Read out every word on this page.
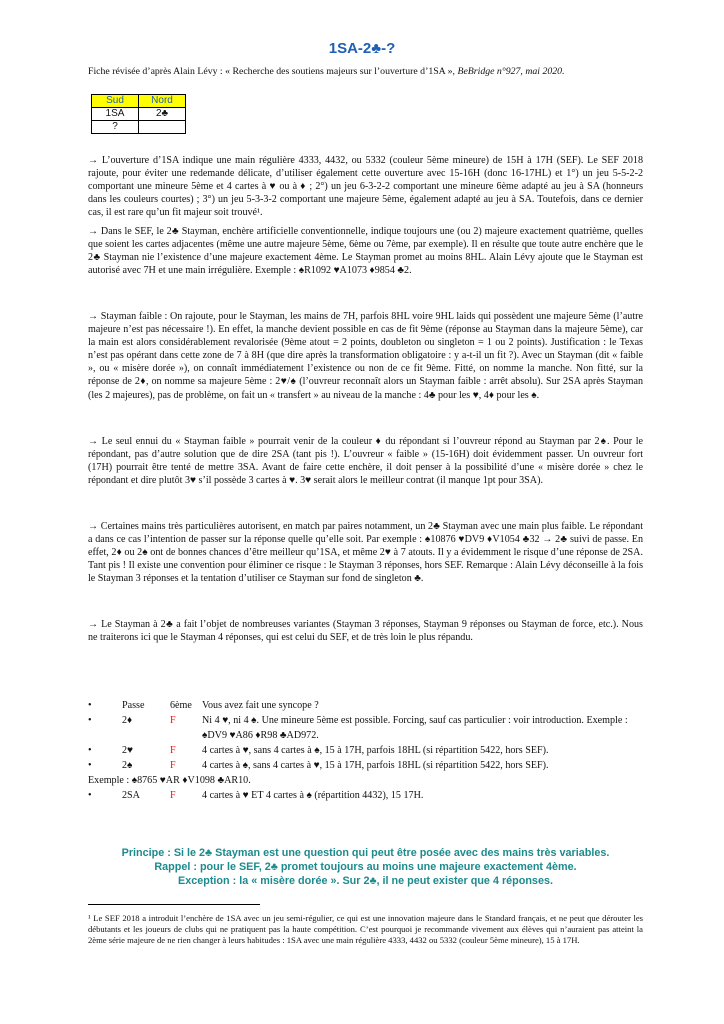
1SA-2♣-?
Fiche révisée d’après Alain Lévy : « Recherche des soutiens majeurs sur l’ouverture d’1SA », BeBridge n°927, mai 2020.
Sud	Nord
1SA	2♣
?	

→ L’ouverture d’1SA indique une main régulière 4333, 4432, ou 5332 (couleur 5ème mineure) de 15H à 17H (SEF). Le SEF 2018 rajoute, pour éviter une redemande délicate, d’utiliser également cette ouverture avec 15-16H (donc 16-17HL) et 1°) un jeu 5-5-2-2 comportant une mineure 5ème et 4 cartes à ♥ ou à ♦ ; 2°) un jeu 6-3-2-2 comportant une mineure 6ème adapté au jeu à SA (honneurs dans les couleurs courtes) ; 3°) un jeu 5-3-3-2 comportant une majeure 5ème, également adapté au jeu à SA. Toutefois, dans ce dernier cas, il est rare qu’un fit majeur soit trouvé¹.

→ Dans le SEF, le 2♣ Stayman, enchère artificielle conventionnelle, indique toujours une (ou 2) majeure exactement quatrième, quelles que soient les cartes adjacentes (même une autre majeure 5ème, 6ème ou 7ème, par exemple). Il en résulte que toute autre enchère que le 2♣ Stayman nie l’existence d’une majeure exactement 4ème. Le Stayman promet au moins 8HL. Alain Lévy ajoute que le Stayman est autorisé avec 7H et une main irrégulière. Exemple : ♠R1092 ♥A1073 ♦9854 ♣2.

→ Stayman faible : On rajoute, pour le Stayman, les mains de 7H, parfois 8HL voire 9HL laids qui possèdent une majeure 5ème (l’autre majeure n’est pas nécessaire !). En effet, la manche devient possible en cas de fit 9ème (réponse au Stayman dans la majeure 5ème), car la main est alors considérablement revalorisée (9ème atout = 2 points, doubleton ou singleton = 1 ou 2 points). Justification : le Texas n’est pas opérant dans cette zone de 7 à 8H (que dire après la transformation obligatoire : y a-t-il un fit ?). Avec un Stayman (dit « faible », ou « misère dorée »), on connaît immédiatement l’existence ou non de ce fit 9ème. Fitté, on nomme la manche. Non fitté, sur la réponse de 2♦, on nomme sa majeure 5ème : 2♥/♠ (l’ouvreur reconnaît alors un Stayman faible : arrêt absolu). Sur 2SA après Stayman (les 2 majeures), pas de problème, on fait un « transfert » au niveau de la manche : 4♣ pour les ♥, 4♦ pour les ♠.

→ Le seul ennui du « Stayman faible » pourrait venir de la couleur ♦ du répondant si l’ouvreur répond au Stayman par 2♠. Pour le répondant, pas d’autre solution que de dire 2SA (tant pis !). L’ouvreur « faible » (15-16H) doit évidemment passer. Un ouvreur fort (17H) pourrait être tenté de mettre 3SA. Avant de faire cette enchère, il doit penser à la possibilité d’une « misère dorée » chez le répondant et dire plutôt 3♥ s’il possède 3 cartes à ♥. 3♥ serait alors le meilleur contrat (il manque 1pt pour 3SA).

→ Certaines mains très particulières autorisent, en match par paires notamment, un 2♣ Stayman avec une main plus faible. Le répondant a dans ce cas l’intention de passer sur la réponse quelle qu’elle soit. Par exemple : ♠10876 ♥DV9 ♦V1054 ♣32 → 2♣ suivi de passe. En effet, 2♦ ou 2♠ ont de bonnes chances d’être meilleur qu’1SA, et même 2♥ à 7 atouts. Il y a évidemment le risque d’une réponse de 2SA. Tant pis ! Il existe une convention pour éliminer ce risque : le Stayman 3 réponses, hors SEF. Remarque : Alain Lévy déconseille à la fois le Stayman 3 réponses et la tentation d’utiliser ce Stayman sur fond de singleton ♣.

→ Le Stayman à 2♣ a fait l’objet de nombreuses variantes (Stayman 3 réponses, Stayman 9 réponses ou Stayman de force, etc.). Nous ne traiterons ici que le Stayman 4 réponses, qui est celui du SEF, et de très loin le plus répandu.

•	Passe	6ème	Vous avez fait une syncope ?
•	2♦	F	Ni 4 ♥, ni 4 ♠. Une mineure 5ème est possible. Forcing, sauf cas particulier : voir introduction. Exemple : ♠DV9 ♥A86 ♦R98 ♣AD972.
•	2♥	F	4 cartes à ♥, sans 4 cartes à ♠, 15 à 17H, parfois 18HL (si répartition 5422, hors SEF).
•	2♠	F	4 cartes à ♠, sans 4 cartes à ♥, 15 à 17H, parfois 18HL (si répartition 5422, hors SEF).
Exemple : ♠8765 ♥AR ♦V1098 ♣AR10.
•	2SA	F	4 cartes à ♥ ET 4 cartes à ♠ (répartition 4432), 15 17H.
Principe : Si le 2♣ Stayman est une question qui peut être posée avec des mains très variables.
Rappel : pour le SEF, 2♣ promet toujours au moins une majeure exactement 4ème.
Exception : la « misère dorée ». Sur 2♣, il ne peut exister que 4 réponses.
¹ Le SEF 2018 a introduit l’enchère de 1SA avec un jeu semi-régulier, ce qui est une innovation majeure dans le Standard français, et ne peut que dérouter les débutants et les joueurs de clubs qui ne pratiquent pas la haute compétition. C’est pourquoi je recommande vivement aux élèves qui n’auraient pas atteint la 2ème série majeure de ne rien changer à leurs habitudes : 1SA avec une main régulière 4333, 4432 ou 5332 (couleur 5ème mineure), 15 à 17H.
